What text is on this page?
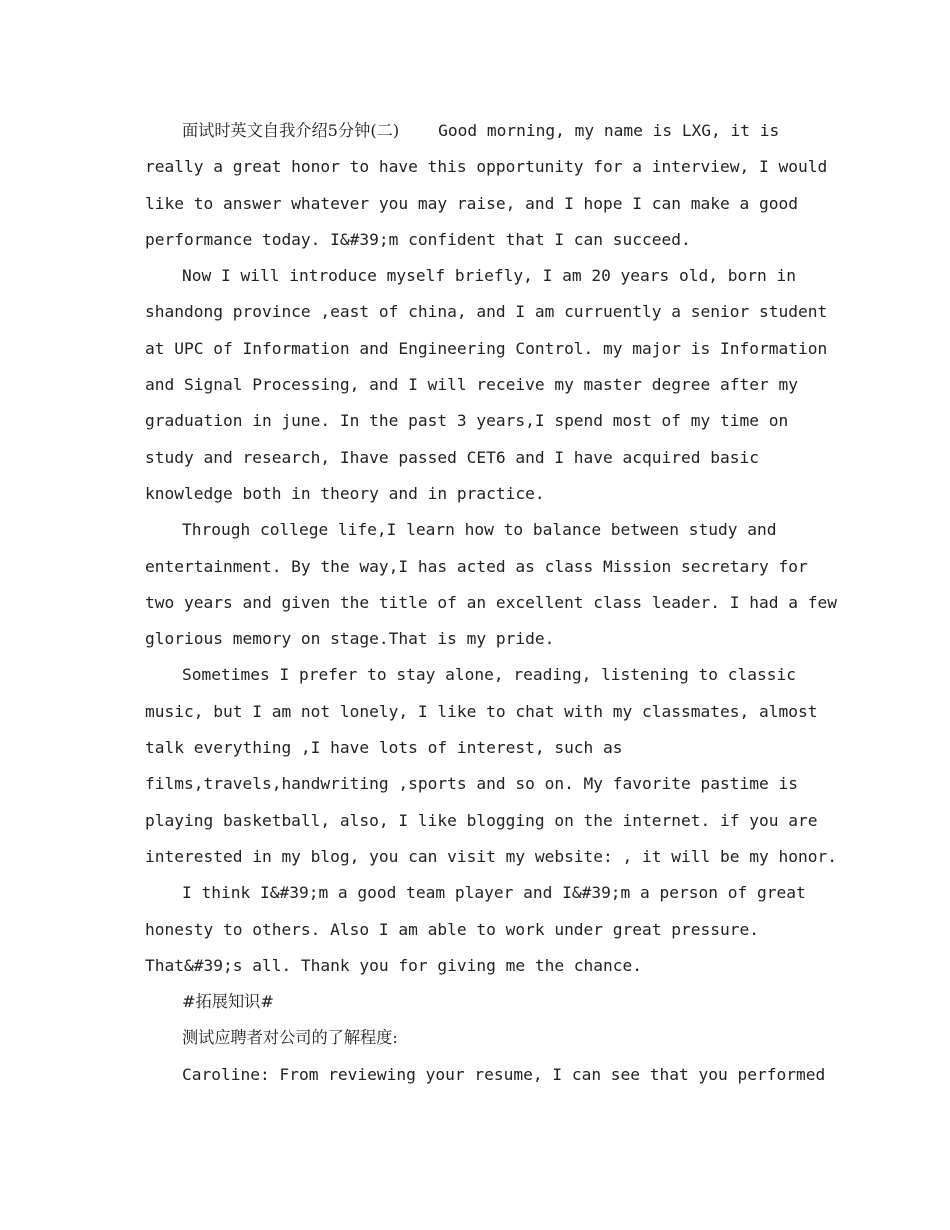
面试时英文自我介绍5分钟(二)    Good morning, my name is LXG, it is
really a great honor to have this opportunity for a interview, I would
like to answer whatever you may raise, and I hope I can make a good
performance today. I&#39;m confident that I can succeed.
Now I will introduce myself briefly, I am 20 years old, born in
shandong province ,east of china, and I am curruently a senior student
at UPC of Information and Engineering Control. my major is Information
and Signal Processing, and I will receive my master degree after my
graduation in june. In the past 3 years,I spend most of my time on
study and research, Ihave passed CET6 and I have acquired basic
knowledge both in theory and in practice.
Through college life,I learn how to balance between study and
entertainment. By the way,I has acted as class Mission secretary for
two years and given the title of an excellent class leader. I had a few
glorious memory on stage.That is my pride.
Sometimes I prefer to stay alone, reading, listening to classic
music, but I am not lonely, I like to chat with my classmates, almost
talk everything ,I have lots of interest, such as
films,travels,handwriting ,sports and so on. My favorite pastime is
playing basketball, also, I like blogging on the internet. if you are
interested in my blog, you can visit my website: , it will be my honor.
I think I&#39;m a good team player and I&#39;m a person of great
honesty to others. Also I am able to work under great pressure.
That&#39;s all. Thank you for giving me the chance.
#拓展知识#
测试应聘者对公司的了解程度:
Caroline: From reviewing your resume, I can see that you performed
